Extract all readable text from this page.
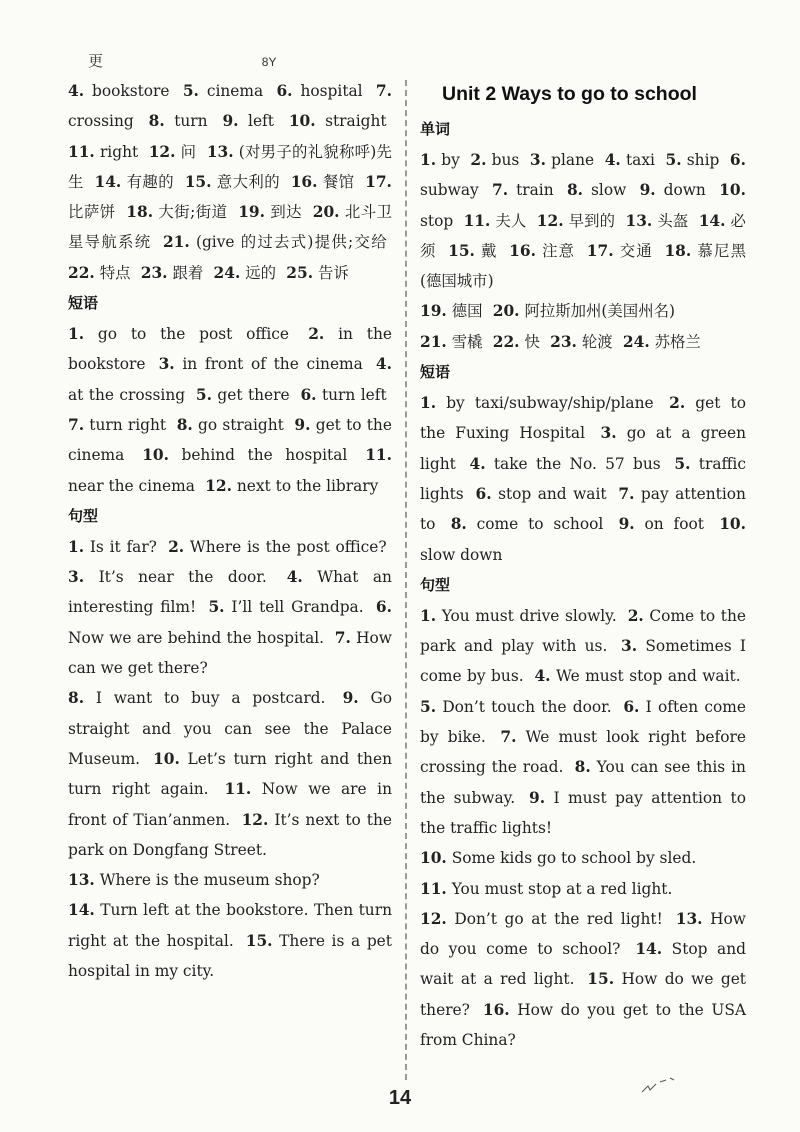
更	8Y

4. bookstore 5. cinema 6. hospital 7. crossing 8. turn 9. left 10. straight 11. right 12. 问 13. (对男子的礼貌称呼)先生 14. 有趣的 15. 意大利的 16. 餐馆 17. 比萨饼 18. 大街;街道 19. 到达 20. 北斗卫星导航系统 21. (give 的过去式)提供;交给 22. 特点 23. 跟着 24. 远的 25. 告诉

短语

1. go to the post office 2. in the bookstore 3. in front of the cinema 4. at the crossing 5. get there 6. turn left 7. turn right 8. go straight 9. get to the cinema 10. behind the hospital 11. near the cinema 12. next to the library

句型

1. Is it far? 2. Where is the post office? 3. It’s near the door. 4. What an interesting film! 5. I’ll tell Grandpa. 6. Now we are behind the hospital. 7. How can we get there?

8. I want to buy a postcard. 9. Go straight and you can see the Palace Museum. 10. Let’s turn right and then turn right again. 11. Now we are in front of Tian’anmen. 12. It’s next to the park on Dongfang Street.

13. Where is the museum shop?

14. Turn left at the bookstore. Then turn right at the hospital. 15. There is a pet hospital in my city.

Unit 2 Ways to go to school
单词

1. by 2. bus 3. plane 4. taxi 5. ship 6. subway 7. train 8. slow 9. down 10. stop 11. 夫人 12. 早到的 13. 头盔 14. 必须 15. 戴 16. 注意 17. 交通 18. 慕尼黑(德国城市)

19. 德国 20. 阿拉斯加州(美国州名)

21. 雪橇 22. 快 23. 轮渡 24. 苏格兰

短语

1. by taxi/subway/ship/plane 2. get to the Fuxing Hospital 3. go at a green light 4. take the No. 57 bus 5. traffic lights 6. stop and wait 7. pay attention to 8. come to school 9. on foot 10. slow down

句型

1. You must drive slowly. 2. Come to the park and play with us. 3. Sometimes I come by bus. 4. We must stop and wait. 5. Don’t touch the door. 6. I often come by bike. 7. We must look right before crossing the road. 8. You can see this in the subway. 9. I must pay attention to the traffic lights!

10. Some kids go to school by sled.

11. You must stop at a red light.

12. Don’t go at the red light! 13. How do you come to school? 14. Stop and wait at a red light. 15. How do we get there? 16. How do you get to the USA from China?

14
